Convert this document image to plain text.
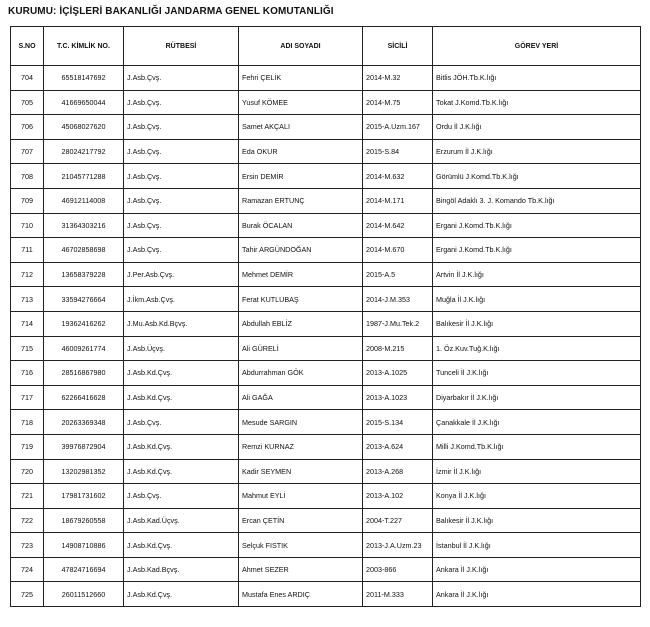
KURUMU: İÇİŞLERİ BAKANLIĞI JANDARMA GENEL KOMUTANLIĞI
S.NO	T.C. KİMLİK NO.	RÜTBESİ	ADI SOYADI	SİCİLİ	GÖREV YERİ
704	65518147692	J.Asb.Çvş.	Fehri ÇELİK	2014-M.32	Bitlis JÖH.Tb.K.lığı
705	41669650044	J.Asb.Çvş.	Yusuf KÖMEE	2014-M.75	Tokat J.Komd.Tb.K.lığı
706	45068027620	J.Asb.Çvş.	Samet AKÇALI	2015-A.Uzm.167	Ordu İl J.K.lığı
707	28024217792	J.Asb.Çvş.	Eda OKUR	2015-S.84	Erzurum İl J.K.lığı
708	21045771288	J.Asb.Çvş.	Ersin DEMİR	2014-M.632	Görümlü J.Komd.Tb.K.lığı
709	46912114008	J.Asb.Çvş.	Ramazan ERTUNÇ	2014-M.171	Bingöl Adaklı 3. J. Komando Tb.K.lığı
710	31364303216	J.Asb.Çvş.	Burak ÖCALAN	2014-M.642	Ergani J.Komd.Tb.K.lığı
711	46702858698	J.Asb.Çvş.	Tahir ARGÜNDOĞAN	2014-M.670	Ergani J.Komd.Tb.K.lığı
712	13658379228	J.Per.Asb.Çvş.	Mehmet DEMİR	2015-A.5	Artvin İl J.K.lığı
713	33594276664	J.İkm.Asb.Çvş.	Ferat KUTLUBAŞ	2014-J.M.353	Muğla İl J.K.lığı
714	19362416262	J.Mu.Asb.Kd.Bçvş.	Abdullah EBLİZ	1987-J.Mu.Tek.2	Balıkesir İl J.K.lığı
715	46009261774	J.Asb.Üçvş.	Ali GÜRELİ	2008-M.215	1. Öz.Kuv.Tuğ.K.lığı
716	28516867980	J.Asb.Kd.Çvş.	Abdurrahman GÖK	2013-A.1025	Tunceli İl J.K.lığı
717	62266416628	J.Asb.Kd.Çvş.	Ali GAĞA	2013-A.1023	Diyarbakır İl J.K.lığı
718	20263369348	J.Asb.Çvş.	Mesude SARGIN	2015-S.134	Çanakkale İl J.K.lığı
719	39976872904	J.Asb.Kd.Çvş.	Remzi KURNAZ	2013-A.624	Milli J.Komd.Tb.K.lığı
720	13202981352	J.Asb.Kd.Çvş.	Kadir SEYMEN	2013-A.268	İzmir İl J.K.lığı
721	17981731602	J.Asb.Çvş.	Mahmut EYLİ	2013-A.102	Konya İl J.K.lığı
722	18679260558	J.Asb.Kad.Üçvş.	Ercan ÇETİN	2004-T.227	Balıkesir İl J.K.lığı
723	14908710886	J.Asb.Kd.Çvş.	Selçuk FISTIK	2013-J.A.Uzm.23	İstanbul İl J.K.lığı
724	47824716694	J.Asb.Kad.Bçvş.	Ahmet SEZER	2003-866	Ankara İl J.K.lığı
725	26011512660	J.Asb.Kd.Çvş.	Mustafa Enes ARDIÇ	2011-M.333	Ankara İl J.K.lığı
